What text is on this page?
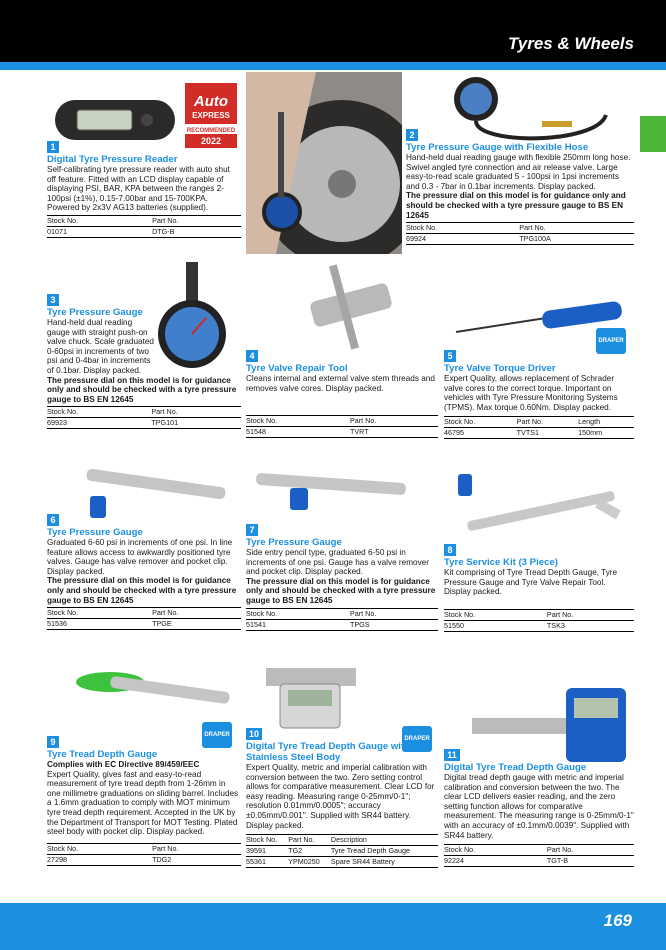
Tyres & Wheels
Auto
EXPRESS
RECOMMENDED
2022
DRAPER
DRAPER
DRAPER
1
Digital Tyre Pressure Reader
Self-calibrating tyre pressure reader with auto shut off feature. Fitted with an LCD display capable of displaying PSI, BAR, KPA between the ranges 2-100psi (±1%), 0.15-7.00bar and 15-700KPA. Powered by 2x3V AG13 batteries (supplied).
Stock No.	Part No.
01071	DTG-B
2
Tyre Pressure Gauge with Flexible Hose
Hand-held dual reading gauge with flexible 250mm long hose. Swivel angled tyre connection and air release valve. Large easy-to-read scale graduated 5 - 100psi in 1psi increments and 0.3 - 7bar in 0.1bar increments. Display packed.
The pressure dial on this model is for guidance only and should be checked with a tyre pressure gauge to BS EN 12645
Stock No.	Part No.
69924	TPG100A
3
Tyre Pressure Gauge
Hand-held dual reading gauge with straight push-on valve chuck. Scale graduated 0-60psi in increments of two psi and 0-4bar in increments of 0.1bar. Display packed.
The pressure dial on this model is for guidance only and should be checked with a tyre pressure gauge to BS EN 12645
Stock No.	Part No.
69923	TPG101
4
Tyre Valve Repair Tool
Cleans internal and external valve stem threads and removes valve cores. Display packed.
Stock No.	Part No.
51548	TVRT
5
Tyre Valve Torque Driver
Expert Quality, allows replacement of Schrader valve cores to the correct torque. Important on vehicles with Tyre Pressure Monitoring Systems (TPMS). Max torque 0.60Nm. Display packed.
Stock No.	Part No.	Length
46795	TVTS1	150mm
6
Tyre Pressure Gauge
Graduated 6-60 psi in increments of one psi. In line feature allows access to awkwardly positioned tyre valves. Gauge has valve remover and pocket clip. Display packed.
The pressure dial on this model is for guidance only and should be checked with a tyre pressure gauge to BS EN 12645
Stock No.	Part No.
51536	TPGE
7
Tyre Pressure Gauge
Side entry pencil type, graduated 6-50 psi in increments of one psi. Gauge has a valve remover and pocket clip. Display packed.
The pressure dial on this model is for guidance only and should be checked with a tyre pressure gauge to BS EN 12645
Stock No.	Part No.
51541	TPGS
8
Tyre Service Kit (3 Piece)
Kit comprising of Tyre Tread Depth Gauge, Tyre Pressure Gauge and Tyre Valve Repair Tool. Display packed.
Stock No.	Part No.
51550	TSK3
9
Tyre Tread Depth Gauge
Complies with EC Directive 89/459/EEC
Expert Quality, gives fast and easy-to-read measurement of tyre tread depth from 1-26mm in one millimetre graduations on sliding barrel. Includes a 1.6mm graduation to comply with MOT minimum tyre tread depth requirement. Accepted in the UK by the Department of Transport for MOT Testing. Plated steel body with pocket clip. Display packed.
Stock No.	Part No.
27298	TDG2
10
Digital Tyre Tread Depth Gauge with Stainless Steel Body
Expert Quality, metric and imperial calibration with conversion between the two. Zero setting control allows for comparative measurement. Clear LCD for easy reading. Measuring range 0-25mm/0-1"; resolution 0.01mm/0.0005"; accuracy ±0.05mm/0.001". Supplied with SR44 battery. Display packed.
Stock No.	Part No.	Description
39591	TG2	Tyre Tread Depth Gauge
55361	YPM0250	Spare SR44 Battery
11
Digital Tyre Tread Depth Gauge
Digital tread depth gauge with metric and imperial calibration and conversion between the two. The clear LCD delivers easier reading, and the zero setting function allows for comparative measurement. The measuring range is 0-25mm/0-1" with an accuracy of ±0.1mm/0.0039". Supplied with SR44 battery.
Stock No.	Part No.
92224	TGT-B
169
